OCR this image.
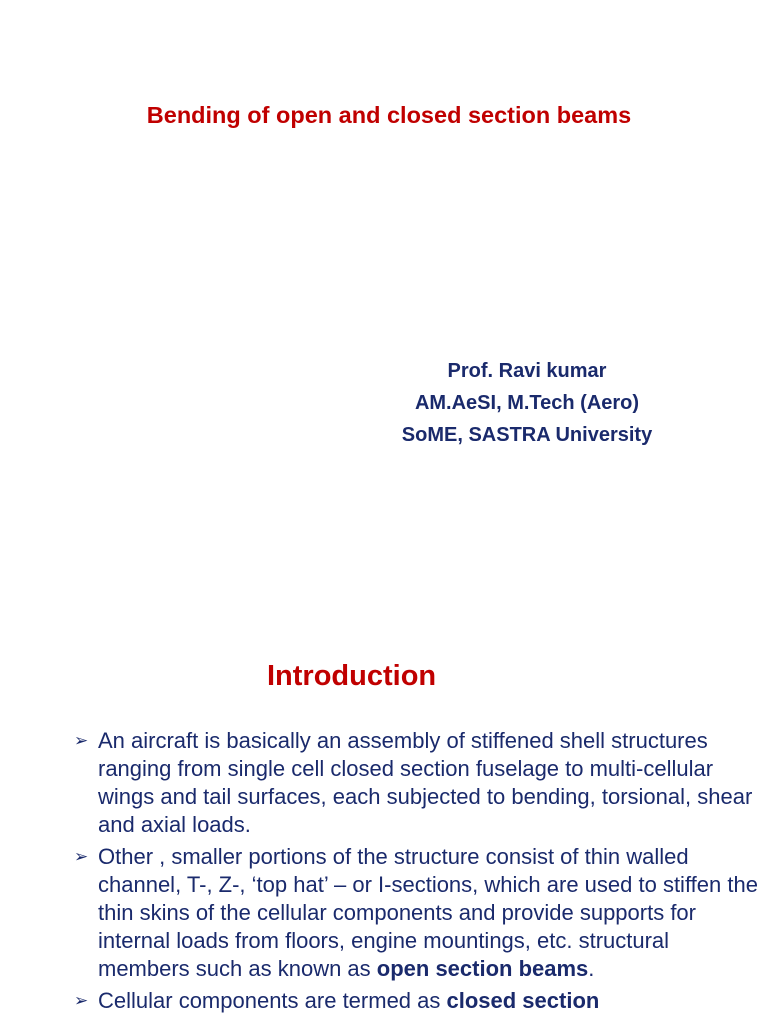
Bending of open and closed section beams
Prof. Ravi kumar
AM.AeSI, M.Tech (Aero)
SoME, SASTRA University
Introduction
➢ An aircraft is basically an assembly of stiffened shell structures ranging from single cell closed section fuselage to multi-cellular wings and tail surfaces, each subjected to bending, torsional, shear and axial loads.
➢ Other , smaller portions of the structure consist of thin walled channel, T-, Z-, ‘top hat’ – or I-sections, which are used to stiffen the thin skins of the cellular components and provide supports for internal loads from floors, engine mountings, etc. structural members such as known as open section beams.
➢ Cellular components are termed as closed section
